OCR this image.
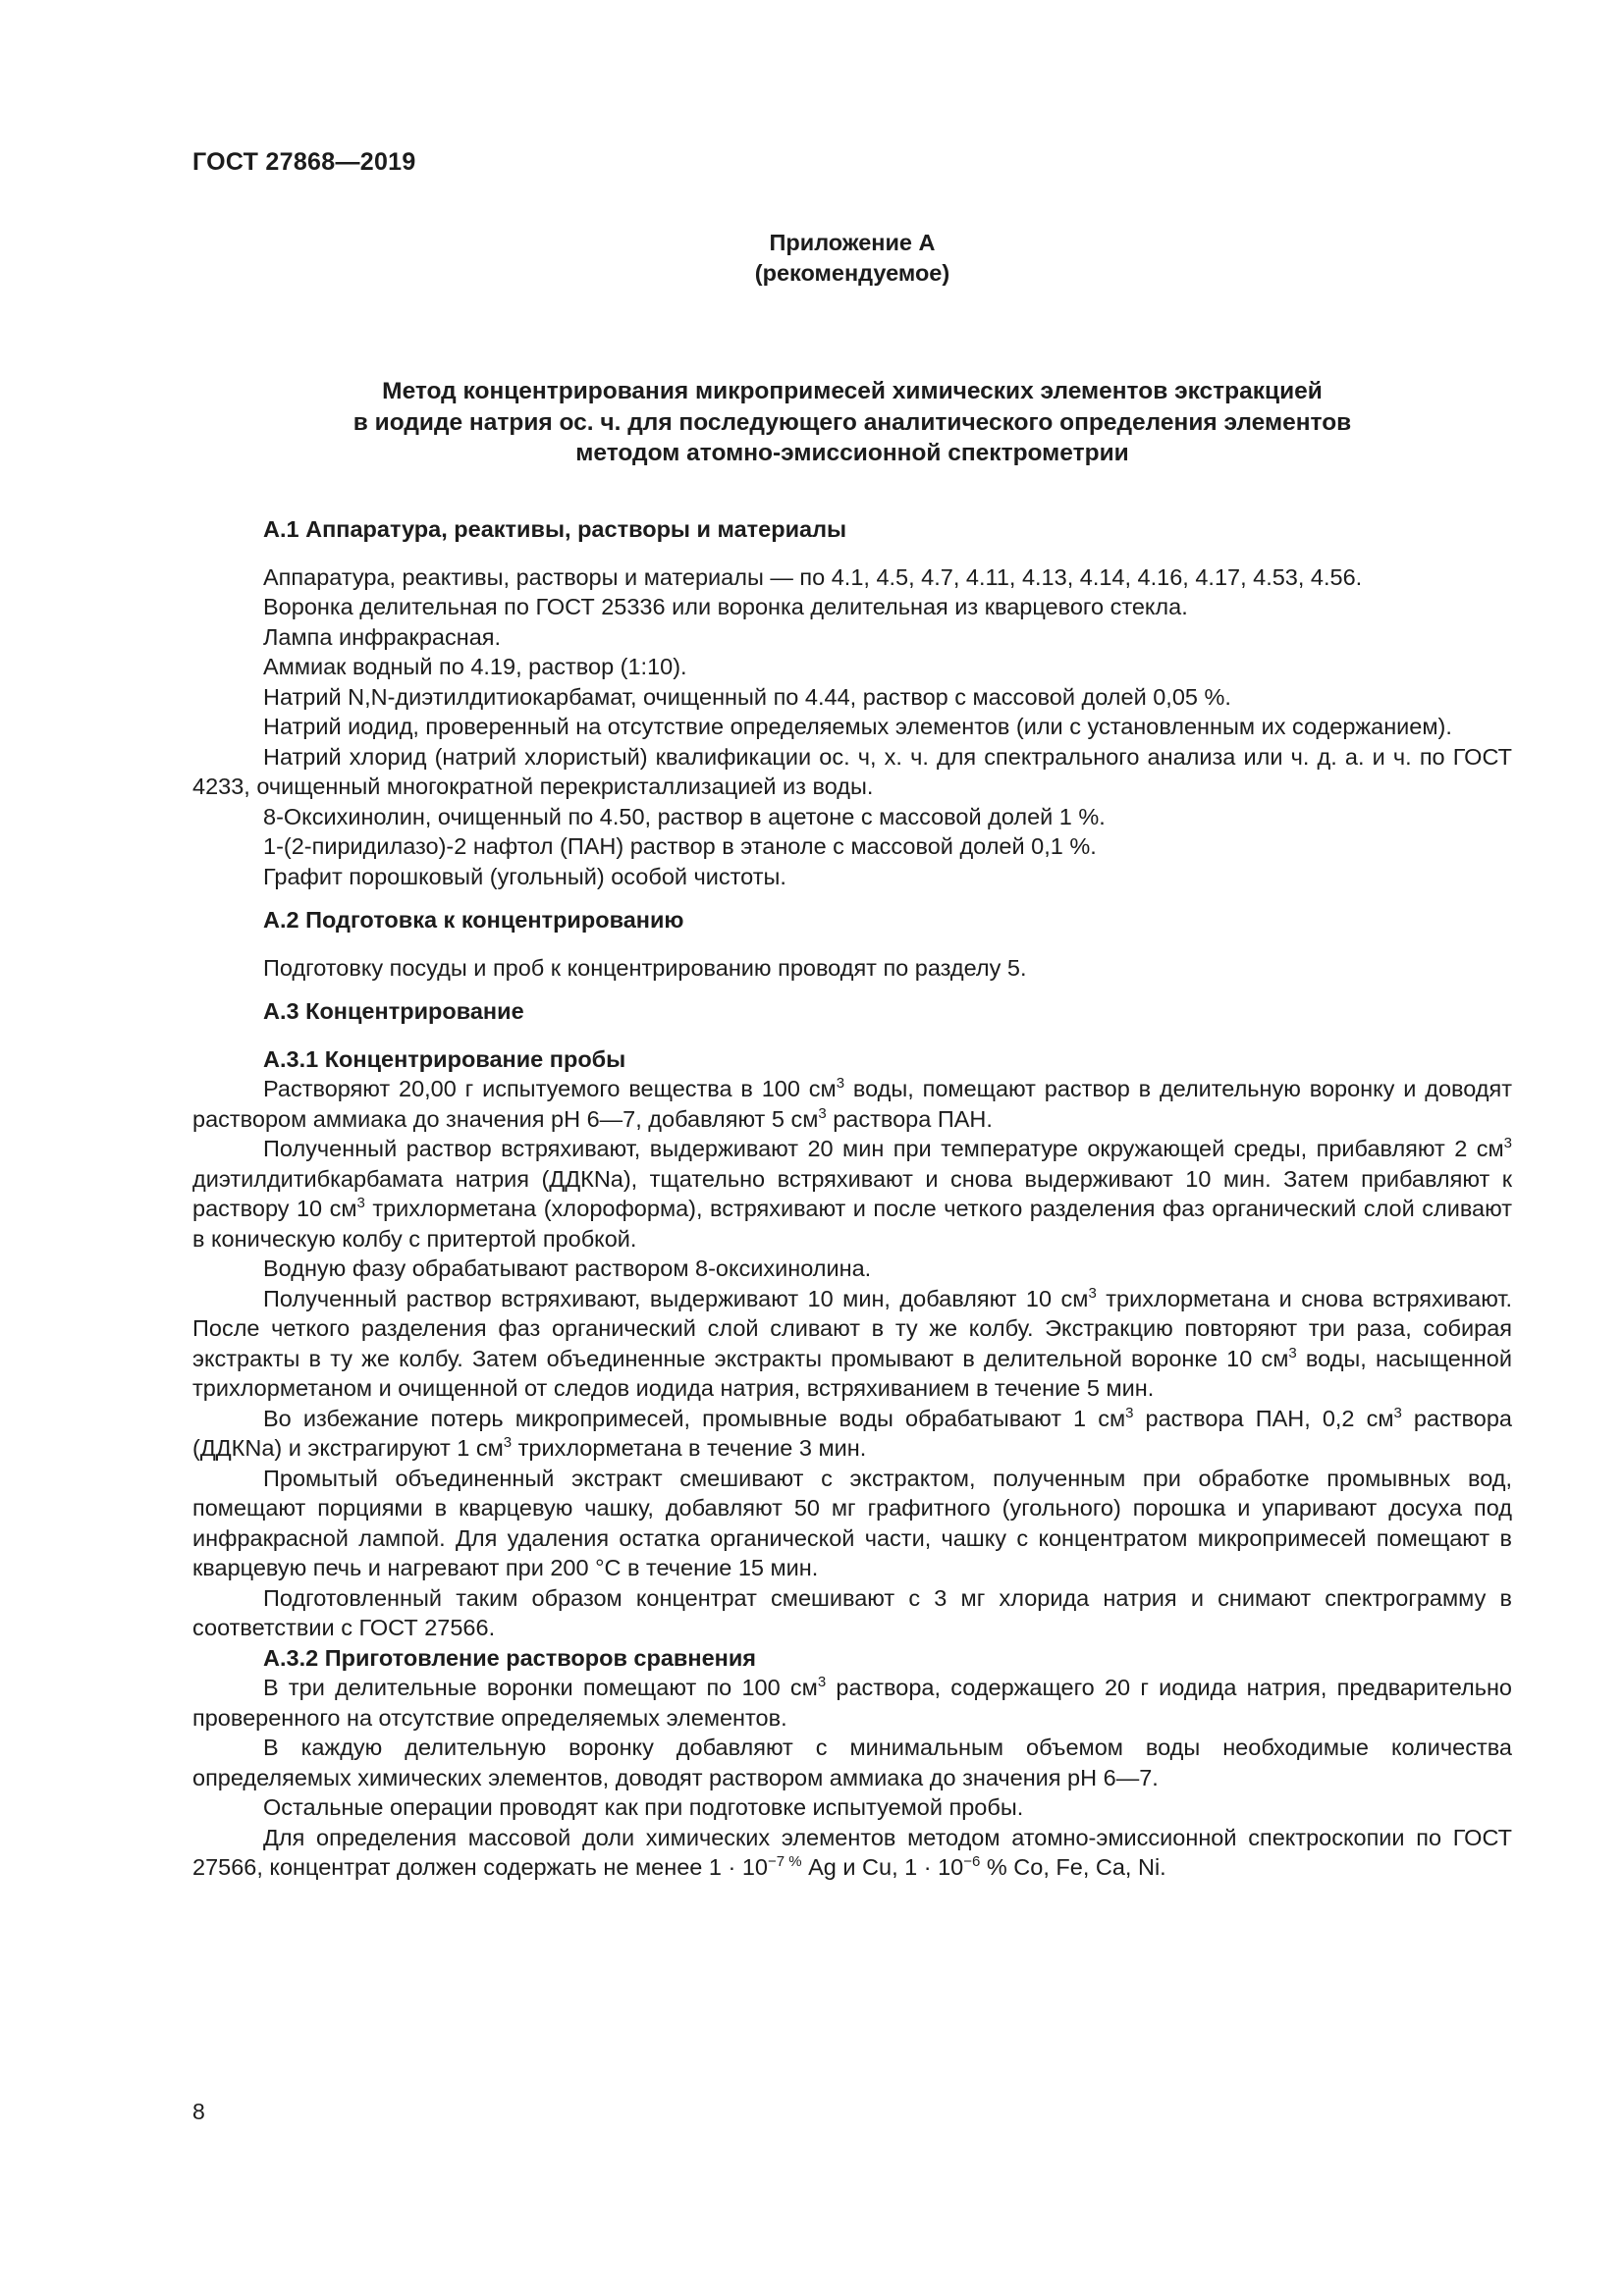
ГОСТ 27868—2019
Приложение А
(рекомендуемое)
Метод концентрирования микропримесей химических элементов экстракцией
в иодиде натрия ос. ч. для последующего аналитического определения элементов
методом атомно-эмиссионной спектрометрии
А.1 Аппаратура, реактивы, растворы и материалы
Аппаратура, реактивы, растворы и материалы — по 4.1, 4.5, 4.7, 4.11, 4.13, 4.14, 4.16, 4.17, 4.53, 4.56.
Воронка делительная по ГОСТ 25336 или воронка делительная из кварцевого стекла.
Лампа инфракрасная.
Аммиак водный по 4.19, раствор (1:10).
Натрий N,N-диэтилдитиокарбамат, очищенный по 4.44, раствор с массовой долей 0,05 %.
Натрий иодид, проверенный на отсутствие определяемых элементов (или с установленным их содержанием).

Натрий хлорид (натрий хлористый) квалификации ос. ч, х. ч. для спектрального анализа или ч. д. а. и ч. по ГОСТ 4233, очищенный многократной перекристаллизацией из воды.

8-Оксихинолин, очищенный по 4.50, раствор в ацетоне с массовой долей 1 %.
1-(2-пиридилазо)-2 нафтол (ПАН) раствор в этаноле с массовой долей 0,1 %.
Графит порошковый (угольный) особой чистоты.
А.2 Подготовка к концентрированию
Подготовку посуды и проб к концентрированию проводят по разделу 5.
А.3 Концентрирование
А.3.1 Концентрирование пробы

Растворяют 20,00 г испытуемого вещества в 100 $см^3$ воды, помещают раствор в делительную воронку и доводят раствором аммиака до значения рН 6—7, добавляют 5 $см^3$ раствора ПАН.

Полученный раствор встряхивают, выдерживают 20 мин при температуре окружающей среды, прибавляют 2 $см^3$ диэтилдитибкарбамата натрия (ДДКNa), тщательно встряхивают и снова выдерживают 10 мин. Затем прибавляют к раствору 10 $см^3$ трихлорметана (хлороформа), встряхивают и после четкого разделения фаз органический слой сливают в коническую колбу с притертой пробкой.

Водную фазу обрабатывают раствором 8-оксихинолина.

Полученный раствор встряхивают, выдерживают 10 мин, добавляют 10 $см^3$ трихлорметана и снова встряхивают. После четкого разделения фаз органический слой сливают в ту же колбу. Экстракцию повторяют три раза, собирая экстракты в ту же колбу. Затем объединенные экстракты промывают в делительной воронке 10 $см^3$ воды, насыщенной трихлорметаном и очищенной от следов иодида натрия, встряхиванием в течение 5 мин.

Во избежание потерь микропримесей, промывные воды обрабатывают 1 $см^3$ раствора ПАН, 0,2 $см^3$ раствора (ДДКNa) и экстрагируют 1 $см^3$ трихлорметана в течение 3 мин.

Промытый объединенный экстракт смешивают с экстрактом, полученным при обработке промывных вод, помещают порциями в кварцевую чашку, добавляют 50 мг графитного (угольного) порошка и упаривают досуха под инфракрасной лампой. Для удаления остатка органической части, чашку с концентратом микропримесей помещают в кварцевую печь и нагревают при 200 °С в течение 15 мин.

Подготовленный таким образом концентрат смешивают с 3 мг хлорида натрия и снимают спектрограмму в соответствии с ГОСТ 27566.

А.3.2 Приготовление растворов сравнения

В три делительные воронки помещают по 100 $см^3$ раствора, содержащего 20 г иодида натрия, предварительно проверенного на отсутствие определяемых элементов.

В каждую делительную воронку добавляют с минимальным объемом воды необходимые количества определяемых химических элементов, доводят раствором аммиака до значения рН 6—7.

Остальные операции проводят как при подготовке испытуемой пробы.

Для определения массовой доли химических элементов методом атомно-эмиссионной спектроскопии по ГОСТ 27566, концентрат должен содержать не менее $1 \cdot 10^{-7 \%}$ Ag и Cu, $1 \cdot 10^{-6}$ % Co, Fe, Ca, Ni.

8
